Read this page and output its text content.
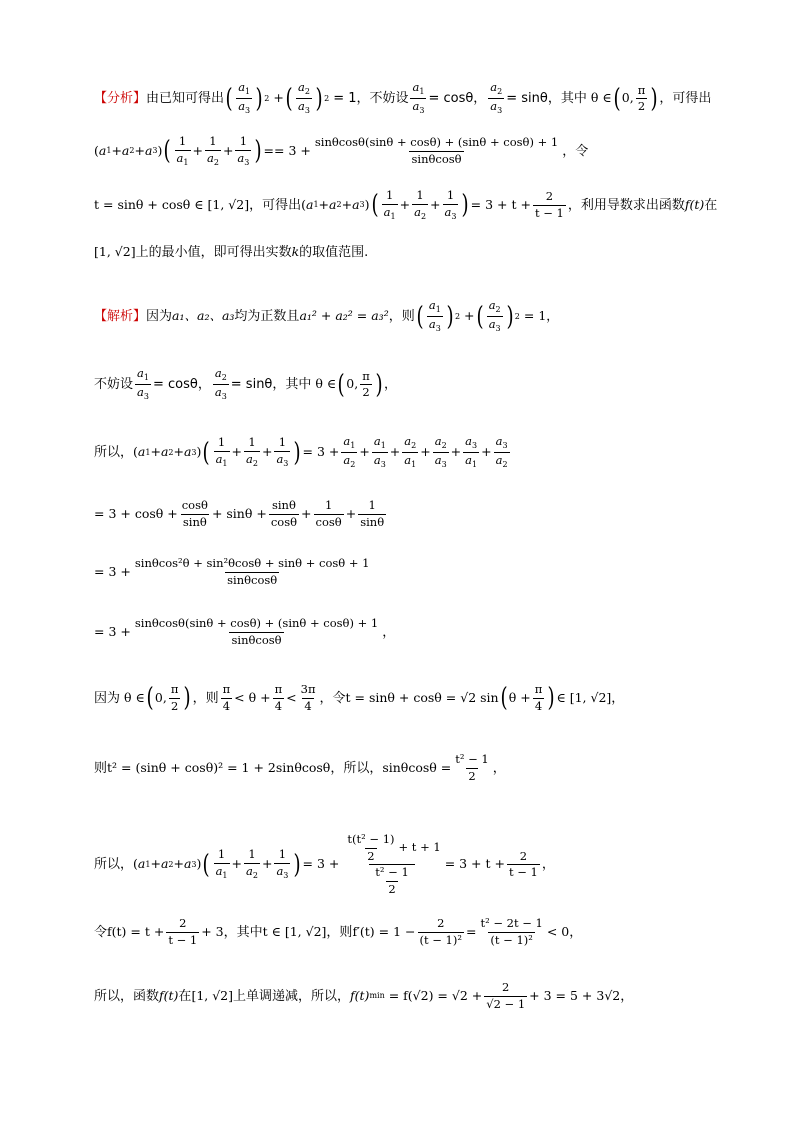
【分析】 由已知可得出 ( $\frac{a_1}{a_3}$ ) 2 + ( $\frac{a_2}{a_3}$ ) 2
= 1，不妨设 $\frac{a_1}{a_3} = \cos\theta$， $\frac{a_2}{a_3} = \sin\theta$，其中
θ ∈ ( 0, $\frac{\pi}{2}$ ) ，可得出
( a 1 + a 2 + a 3 ) ( $\frac{1}{a_1} + \frac{1}{a_2} + \frac{1}{a_3}$ ) == $3 + \frac{\sin\theta\cos\theta(\sin\theta + \cos\theta) + (\sin\theta + \cos\theta) + 1}{\sin\theta\cos\theta}$ ，令
t = sinθ + cosθ ∈ [1, √2] ，可得出 ( a 1 + a 2 + a 3 ) ( $\frac{1}{a_1} + \frac{1}{a_2} + \frac{1}{a_3}$ ) = $3 + t + \frac{2}{t - 1}$ ，利用导数求出函数 f(t) 在
[1, √2] 上的最小值，即可得出实数 k 的取值范围.
【解析】 因为 a₁、a₂、a₃ 均为正数且 a₁² + a₂² = a₃² ，则 ( $\frac{a_1}{a_3}$ ) 2 + ( $\frac{a_2}{a_3}$ ) 2
= 1，
不妨设 $\frac{a_1}{a_3} = \cos\theta$， $\frac{a_2}{a_3} = \sin\theta$，其中
θ ∈ ( 0, $\frac{\pi}{2}$ ) ，
所以， ( a 1 + a 2 + a 3 ) ( $\frac{1}{a_1} + \frac{1}{a_2} + \frac{1}{a_3}$ ) = $3 + \frac{a_1}{a_2} + \frac{a_1}{a_3} + \frac{a_2}{a_1} + \frac{a_2}{a_3} + \frac{a_3}{a_1} + \frac{a_3}{a_2}$
= $3 + \cos\theta + \frac{\cos\theta}{\sin\theta} + \sin\theta + \frac{\sin\theta}{\cos\theta} + \frac{1}{\cos\theta} + \frac{1}{\sin\theta}$
= $3 + \frac{\text{sinθcos²θ + sin²θcosθ + sinθ + cosθ + 1}}{\sin\theta\cos\theta}$
= $3 + \frac{\sin\theta\cos\theta(\sin\theta + \cos\theta) + (\sin\theta + \cos\theta) + 1}{\sin\theta\cos\theta}$ ，
因为
θ ∈ ( 0, $\frac{\pi}{2}$ ) ，则 $\frac{\pi}{4} < \theta + \frac{\pi}{4} < \frac{3\pi}{4}$ ，令 t = sinθ + cosθ = √2 sin ( $\theta + \frac{\pi}{4}$ ) ∈ [1, √2] ，
则 t² = (sinθ + cosθ)² = 1 + 2sinθcosθ ，所以， $\sin\theta\cos\theta = \frac{\text{t² − 1}}{2}$ ，
所以， ( a 1 + a 2 + a 3 ) ( $\frac{1}{a_1} + \frac{1}{a_2} + \frac{1}{a_3}$ ) = $3 + \frac{\frac{\text{t(t² − 1)}}{2} + t + 1}{\frac{\text{t² − 1}}{2}} = 3 + t + \frac{2}{t - 1}$ ，
令 $f(t) = t + \frac{2}{t - 1} + 3$ ，其中 t ∈ [1, √2] ，则 $f'(t) = 1 - \frac{2}{\text{(t − 1)²}} = \frac{\text{t² − 2t − 1}}{\text{(t − 1)²}} < 0$ ，
所以，函数 f(t) 在 [1, √2] 上单调递减，所以， f(t) min
= $f(√2) = √2 + \frac{2}{√2 - 1} + 3 = 5 + 3√2$ ，
